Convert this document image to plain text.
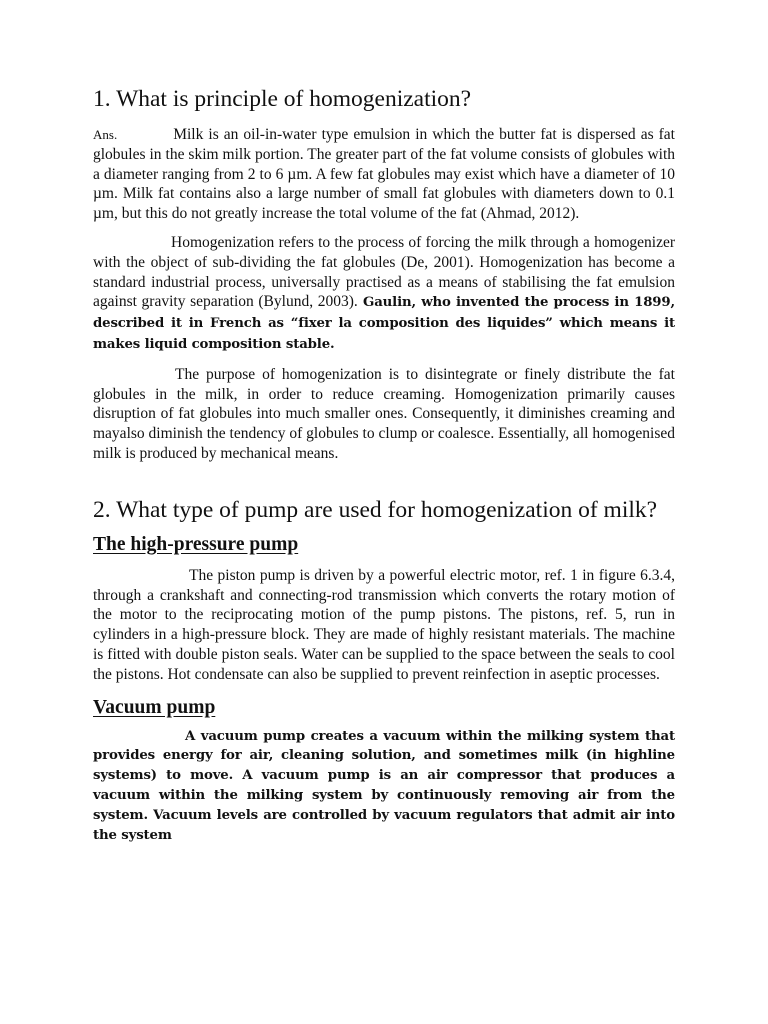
1. What is principle of homogenization?

Ans.	Milk is an oil-in-water type emulsion in which the butter fat is dispersed as fat globules in the skim milk portion. The greater part of the fat volume consists of globules with a diameter ranging from 2 to 6 µm. A few fat globules may exist which have a diameter of 10 µm. Milk fat contains also a large number of small fat globules with diameters down to 0.1 µm, but this do not greatly increase the total volume of the fat (Ahmad, 2012).

Homogenization refers to the process of forcing the milk through a homogenizer with the object of sub-dividing the fat globules (De, 2001). Homogenization has become a standard industrial process, universally practised as a means of stabilising the fat emulsion against gravity separation (Bylund, 2003). Gaulin, who invented the process in 1899, described it in French as “fixer la composition des liquides” which means it makes liquid composition stable.

The purpose of homogenization is to disintegrate or finely distribute the fat globules in the milk, in order to reduce creaming. Homogenization primarily causes disruption of fat globules into much smaller ones. Consequently, it diminishes creaming and mayalso diminish the tendency of globules to clump or coalesce. Essentially, all homogenised milk is produced by mechanical means.

2. What type of pump are used for homogenization of milk?
The high-pressure pump

The piston pump is driven by a powerful electric motor, ref. 1 in figure 6.3.4, through a crankshaft and connecting-rod transmission which converts the rotary motion of the motor to the reciprocating motion of the pump pistons. The pistons, ref. 5, run in cylinders in a high-pressure block. They are made of highly resistant materials. The machine is fitted with double piston seals. Water can be supplied to the space between the seals to cool the pistons. Hot condensate can also be supplied to prevent reinfection in aseptic processes.

Vacuum pump

A vacuum pump creates a vacuum within the milking system that provides energy for air, cleaning solution, and sometimes milk (in highline systems) to move. A vacuum pump is an air compressor that produces a vacuum within the milking system by continuously removing air from the system. Vacuum levels are controlled by vacuum regulators that admit air into the system
